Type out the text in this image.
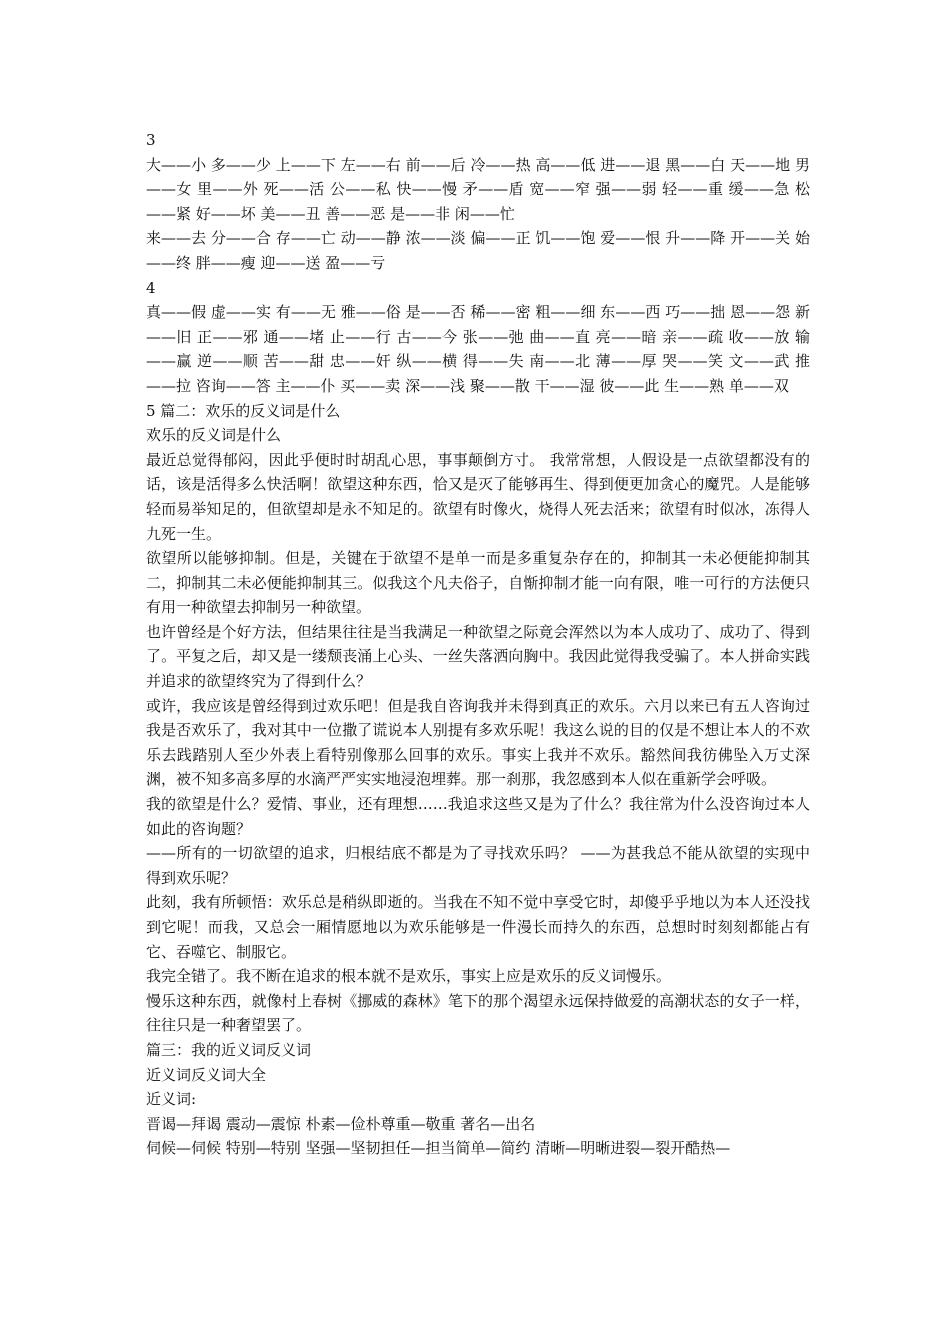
3

大——小 多——少 上——下 左——右 前——后 冷——热 高——低 进——退 黑——白 天——地 男——女 里——外 死——活 公——私 快——慢 矛——盾 宽——窄 强——弱 轻——重 缓——急 松——紧 好——坏 美——丑 善——恶 是——非 闲——忙

来——去 分——合 存——亡 动——静 浓——淡 偏——正 饥——饱 爱——恨 升——降 开——关 始——终 胖——瘦 迎——送 盈——亏

4

真——假 虚——实 有——无 雅——俗 是——否 稀——密 粗——细 东——西 巧——拙 恩——怨 新——旧 正——邪 通——堵 止——行 古——今 张——弛 曲——直 亮——暗 亲——疏 收——放 输——赢 逆——顺 苦——甜 忠——奸 纵——横 得——失 南——北 薄——厚 哭——笑 文——武 推——拉 咨询——答 主——仆 买——卖 深——浅 聚——散 干——湿 彼——此 生——熟 单——双

5 篇二：欢乐的反义词是什么

欢乐的反义词是什么

最近总觉得郁闷，因此乎便时时胡乱心思，事事颠倒方寸。 我常常想，人假设是一点欲望都没有的话，该是活得多么快活啊！欲望这种东西，恰又是灭了能够再生、得到便更加贪心的魔咒。人是能够轻而易举知足的，但欲望却是永不知足的。欲望有时像火，烧得人死去活来；欲望有时似冰，冻得人九死一生。

欲望所以能够抑制。但是，关键在于欲望不是单一而是多重复杂存在的，抑制其一未必便能抑制其二，抑制其二未必便能抑制其三。似我这个凡夫俗子，自惭抑制才能一向有限，唯一可行的方法便只有用一种欲望去抑制另一种欲望。

也许曾经是个好方法，但结果往往是当我满足一种欲望之际竟会浑然以为本人成功了、成功了、得到了。平复之后，却又是一缕颓丧涌上心头、一丝失落洒向胸中。我因此觉得我受骗了。本人拼命实践并追求的欲望终究为了得到什么？

或许，我应该是曾经得到过欢乐吧！但是我自咨询我并未得到真正的欢乐。六月以来已有五人咨询过我是否欢乐了，我对其中一位撒了谎说本人别提有多欢乐呢！我这么说的目的仅是不想让本人的不欢乐去践踏别人至少外表上看特别像那么回事的欢乐。事实上我并不欢乐。豁然间我彷佛坠入万丈深渊，被不知多高多厚的水滴严严实实地浸泡埋葬。那一刹那，我忽感到本人似在重新学会呼吸。

我的欲望是什么？爱情、事业，还有理想……我追求这些又是为了什么？我往常为什么没咨询过本人如此的咨询题？

——所有的一切欲望的追求，归根结底不都是为了寻找欢乐吗？ ——为甚我总不能从欲望的实现中得到欢乐呢？

此刻，我有所顿悟：欢乐总是稍纵即逝的。当我在不知不觉中享受它时，却傻乎乎地以为本人还没找到它呢！而我，又总会一厢情愿地以为欢乐能够是一件漫长而持久的东西，总想时时刻刻都能占有它、吞噬它、制服它。

我完全错了。我不断在追求的根本就不是欢乐，事实上应是欢乐的反义词慢乐。

慢乐这种东西，就像村上春树《挪威的森林》笔下的那个渴望永远保持做爱的高潮状态的女子一样，往往只是一种奢望罢了。

篇三：我的近义词反义词

近义词反义词大全

近义词:

晋谒—拜谒 震动—震惊 朴素—俭朴尊重—敬重 著名—出名

伺候—伺候 特别—特别 坚强—坚韧担任—担当简单—简约 清晰—明晰进裂—裂开酷热—
